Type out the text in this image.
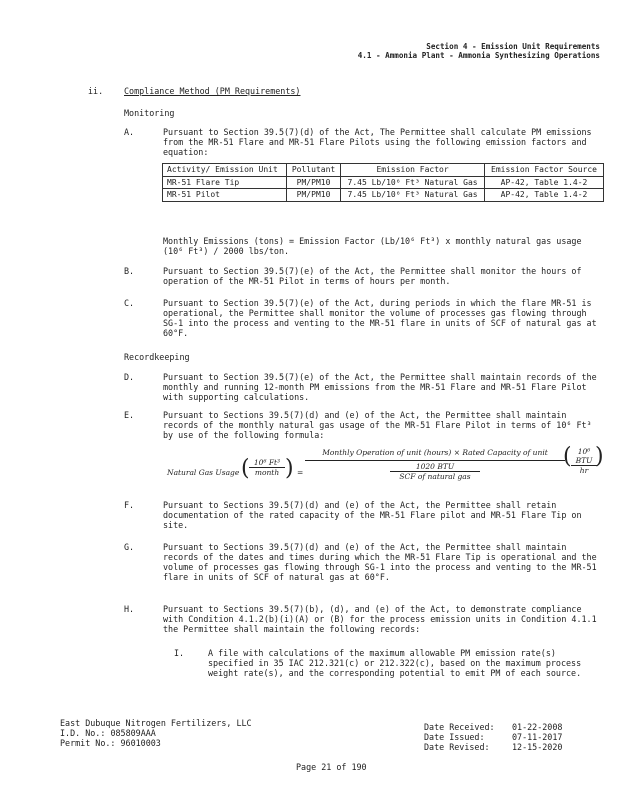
Section 4 - Emission Unit Requirements
4.1 - Ammonia Plant - Ammonia Synthesizing Operations
ii. Compliance Method (PM Requirements)
Monitoring
A.	Pursuant to Section 39.5(7)(d) of the Act, The Permittee shall calculate PM emissions from the MR-51 Flare and MR-51 Flare Pilots using the following emission factors and equation:
Activity/ Emission Unit	Pollutant	Emission Factor	Emission Factor Source
MR-51 Flare Tip	PM/PM10	7.45 Lb/10⁶ Ft³ Natural Gas	AP-42, Table 1.4-2
MR-51 Pilot	PM/PM10	7.45 Lb/10⁶ Ft³ Natural Gas	AP-42, Table 1.4-2
Monthly Emissions (tons) = Emission Factor (Lb/10⁶ Ft³) x monthly natural gas usage (10⁶ Ft³) / 2000 lbs/ton.
B.	Pursuant to Section 39.5(7)(e) of the Act, the Permittee shall monitor the hours of operation of the MR-51 Pilot in terms of hours per month.
C.	Pursuant to Section 39.5(7)(e) of the Act, during periods in which the flare MR-51 is operational, the Permittee shall monitor the volume of processes gas flowing through SG-1 into the process and venting to the MR-51 flare in units of SCF of natural gas at 60°F.
Recordkeeping
D.	Pursuant to Section 39.5(7)(e) of the Act, the Permittee shall maintain records of the monthly and running 12-month PM emissions from the MR-51 Flare and MR-51 Flare Pilot with supporting calculations.
E.	Pursuant to Sections 39.5(7)(d) and (e) of the Act, the Permittee shall maintain records of the monthly natural gas usage of the MR-51 Flare Pilot in terms of 10⁶ Ft³ by use of the following formula:
Natural Gas Usage ( 10⁶ Ft³
month ) =
Monthly Operation of unit (hours) × Rated Capacity of unit
1020 BTU
SCF of natural gas
( 10⁶ BTU
hr
)
F.	Pursuant to Sections 39.5(7)(d) and (e) of the Act, the Permittee shall retain documentation of the rated capacity of the MR-51 Flare pilot and MR-51 Flare Tip on site.
G.	Pursuant to Sections 39.5(7)(d) and (e) of the Act, the Permittee shall maintain records of the dates and times during which the MR-51 Flare Tip is operational and the volume of processes gas flowing through SG-1 into the process and venting to the MR-51 flare in units of SCF of natural gas at 60°F.
H.	Pursuant to Sections 39.5(7)(b), (d), and (e) of the Act, to demonstrate compliance with Condition 4.1.2(b)(i)(A) or (B) for the process emission units in Condition 4.1.1 the Permittee shall maintain the following records:
I.	A file with calculations of the maximum allowable PM emission rate(s) specified in 35 IAC 212.321(c) or 212.322(c), based on the maximum process weight rate(s), and the corresponding potential to emit PM of each source.
East Dubuque Nitrogen Fertilizers, LLC
I.D. No.: 085809AAA
Permit No.: 96010003
Date Received: 01-22-2008
Date Issued:	07-11-2017
Date Revised:	12-15-2020
Page 21 of 190
